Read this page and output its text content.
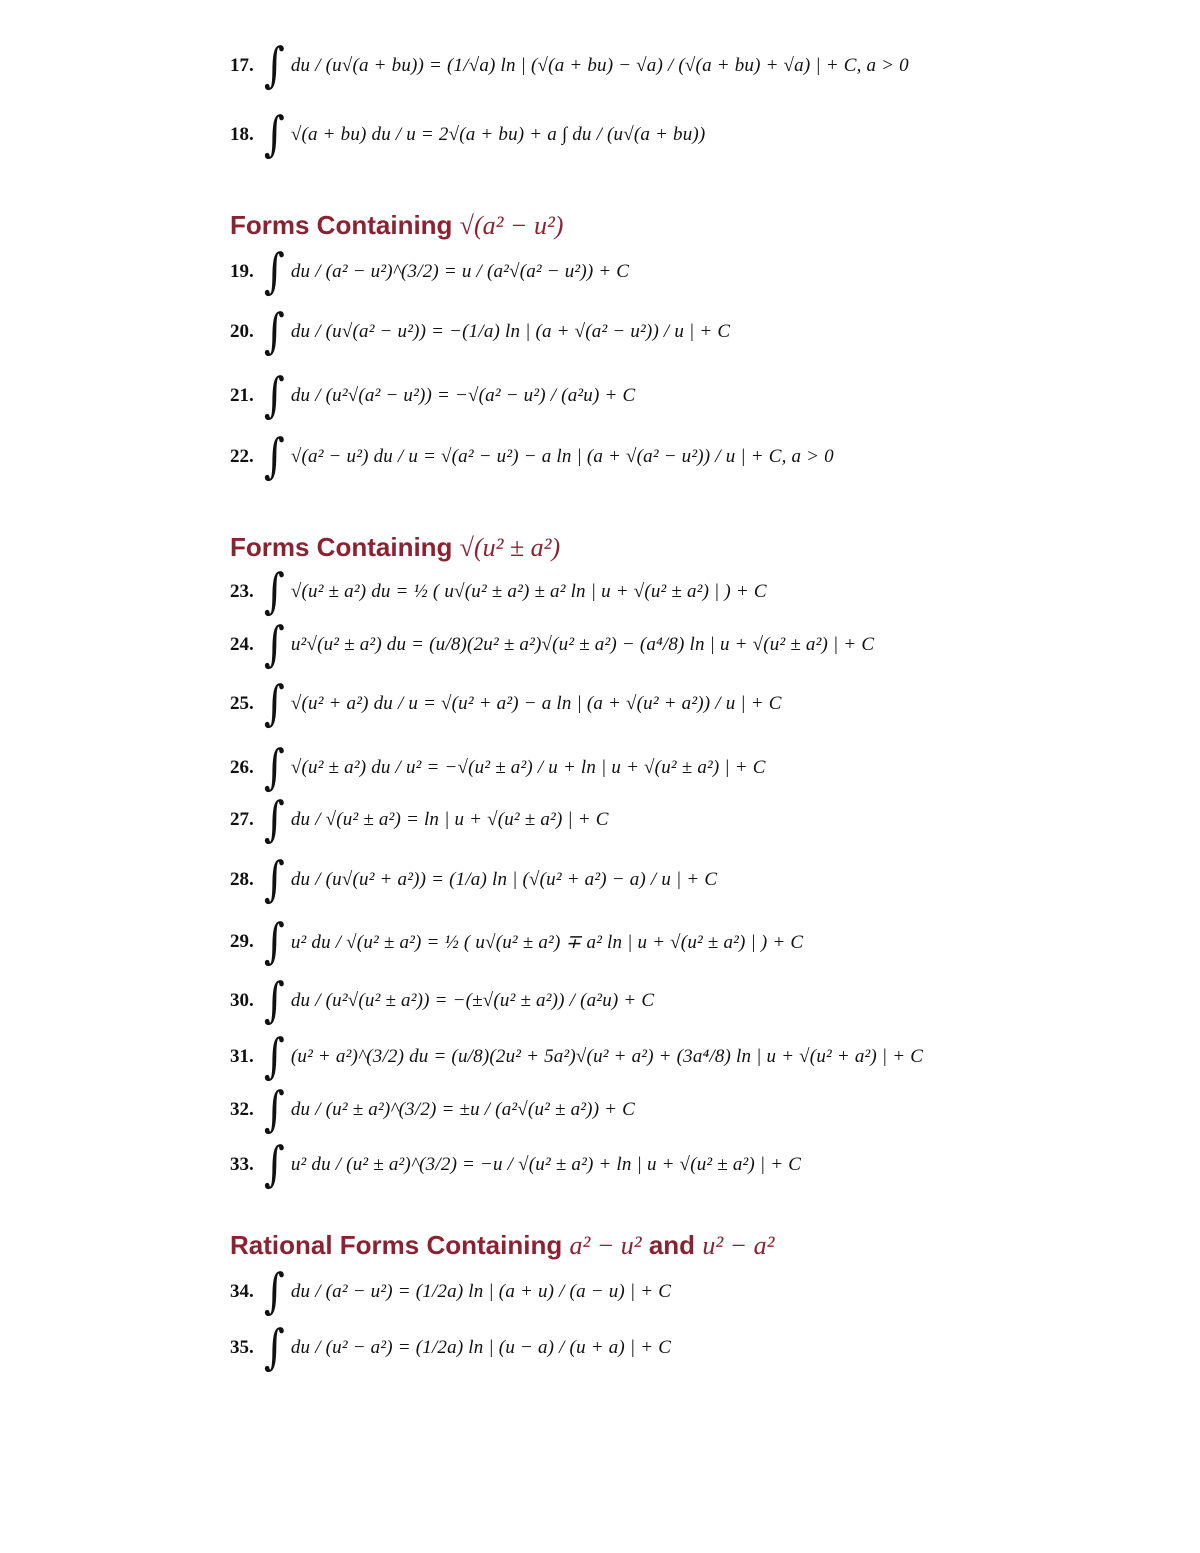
17. ∫ du / (u√(a + bu)) = (1/√a) ln | (√(a + bu) − √a) / (√(a + bu) + √a) | + C, a > 0
18. ∫ √(a + bu) du / u = 2√(a + bu) + a ∫ du / (u√(a + bu))
Forms Containing √(a² − u²)
19. ∫ du / (a² − u²)^(3/2) = u / (a²√(a² − u²)) + C
20. ∫ du / (u√(a² − u²)) = −(1/a) ln | (a + √(a² − u²)) / u | + C
21. ∫ du / (u²√(a² − u²)) = −√(a² − u²) / (a²u) + C
22. ∫ √(a² − u²) du / u = √(a² − u²) − a ln | (a + √(a² − u²)) / u | + C, a > 0
Forms Containing √(u² ± a²)
23. ∫ √(u² ± a²) du = ½ ( u√(u² ± a²) ± a² ln | u + √(u² ± a²) | ) + C
24. ∫ u²√(u² ± a²) du = (u/8)(2u² ± a²)√(u² ± a²) − (a⁴/8) ln | u + √(u² ± a²) | + C
25. ∫ √(u² + a²) du / u = √(u² + a²) − a ln | (a + √(u² + a²)) / u | + C
26. ∫ √(u² ± a²) du / u² = −√(u² ± a²) / u + ln | u + √(u² ± a²) | + C
27. ∫ du / √(u² ± a²) = ln | u + √(u² ± a²) | + C
28. ∫ du / (u√(u² + a²)) = (1/a) ln | (√(u² + a²) − a) / u | + C
29. ∫ u² du / √(u² ± a²) = ½ ( u√(u² ± a²) ∓ a² ln | u + √(u² ± a²) | ) + C
30. ∫ du / (u²√(u² ± a²)) = −(±√(u² ± a²)) / (a²u) + C
31. ∫ (u² + a²)^(3/2) du = (u/8)(2u² + 5a²)√(u² + a²) + (3a⁴/8) ln | u + √(u² + a²) | + C
32. ∫ du / (u² ± a²)^(3/2) = ±u / (a²√(u² ± a²)) + C
33. ∫ u² du / (u² ± a²)^(3/2) = −u / √(u² ± a²) + ln | u + √(u² ± a²) | + C
Rational Forms Containing a² − u² and u² − a²
34. ∫ du / (a² − u²) = (1/2a) ln | (a + u) / (a − u) | + C
35. ∫ du / (u² − a²) = (1/2a) ln | (u − a) / (u + a) | + C
